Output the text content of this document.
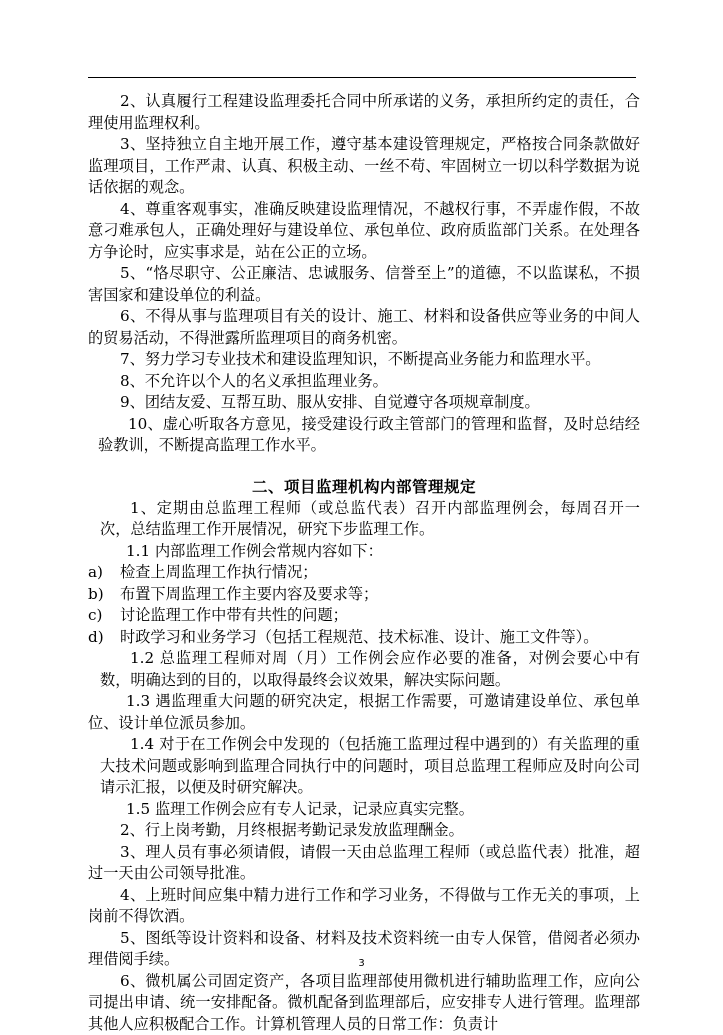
2、认真履行工程建设监理委托合同中所承诺的义务，承担所约定的责任，合理使用监理权利。

3、坚持独立自主地开展工作，遵守基本建设管理规定，严格按合同条款做好监理项目，工作严肃、认真、积极主动、一丝不苟、牢固树立一切以科学数据为说话依据的观念。

4、尊重客观事实，准确反映建设监理情况，不越权行事，不弄虚作假，不故意刁难承包人，正确处理好与建设单位、承包单位、政府质监部门关系。在处理各方争论时，应实事求是，站在公正的立场。

5、“恪尽职守、公正廉洁、忠诚服务、信誉至上”的道德，不以监谋私，不损害国家和建设单位的利益。

6、不得从事与监理项目有关的设计、施工、材料和设备供应等业务的中间人的贸易活动，不得泄露所监理项目的商务机密。

7、努力学习专业技术和建设监理知识，不断提高业务能力和监理水平。

8、不允许以个人的名义承担监理业务。

9、团结友爱、互帮互助、服从安排、自觉遵守各项规章制度。

10、虚心听取各方意见，接受建设行政主管部门的管理和监督，及时总结经验教训，不断提高监理工作水平。

二、项目监理机构内部管理规定

1、定期由总监理工程师（或总监代表）召开内部监理例会，每周召开一次，总结监理工作开展情况，研究下步监理工作。

1.1 内部监理工作例会常规内容如下：

a)	检查上周监理工作执行情况；
b)	布置下周监理工作主要内容及要求等；
c)	讨论监理工作中带有共性的问题；
d)	时政学习和业务学习（包括工程规范、技术标准、设计、施工文件等）。

1.2 总监理工程师对周（月）工作例会应作必要的准备，对例会要心中有数，明确达到的目的，以取得最终会议效果，解决实际问题。

1.3 遇监理重大问题的研究决定，根据工作需要，可邀请建设单位、承包单位、设计单位派员参加。

1.4 对于在工作例会中发现的（包括施工监理过程中遇到的）有关监理的重大技术问题或影响到监理合同执行中的问题时，项目总监理工程师应及时向公司请示汇报，以便及时研究解决。

1.5 监理工作例会应有专人记录，记录应真实完整。

2、行上岗考勤，月终根据考勤记录发放监理酬金。

3、理人员有事必须请假，请假一天由总监理工程师（或总监代表）批准，超过一天由公司领导批准。

4、上班时间应集中精力进行工作和学习业务，不得做与工作无关的事项，上岗前不得饮酒。

5、图纸等设计资料和设备、材料及技术资料统一由专人保管，借阅者必须办理借阅手续。

6、微机属公司固定资产，各项目监理部使用微机进行辅助监理工作，应向公司提出申请、统一安排配备。微机配备到监理部后，应安排专人进行管理。监理部其他人应积极配合工作。计算机管理人员的日常工作：负责计

3
